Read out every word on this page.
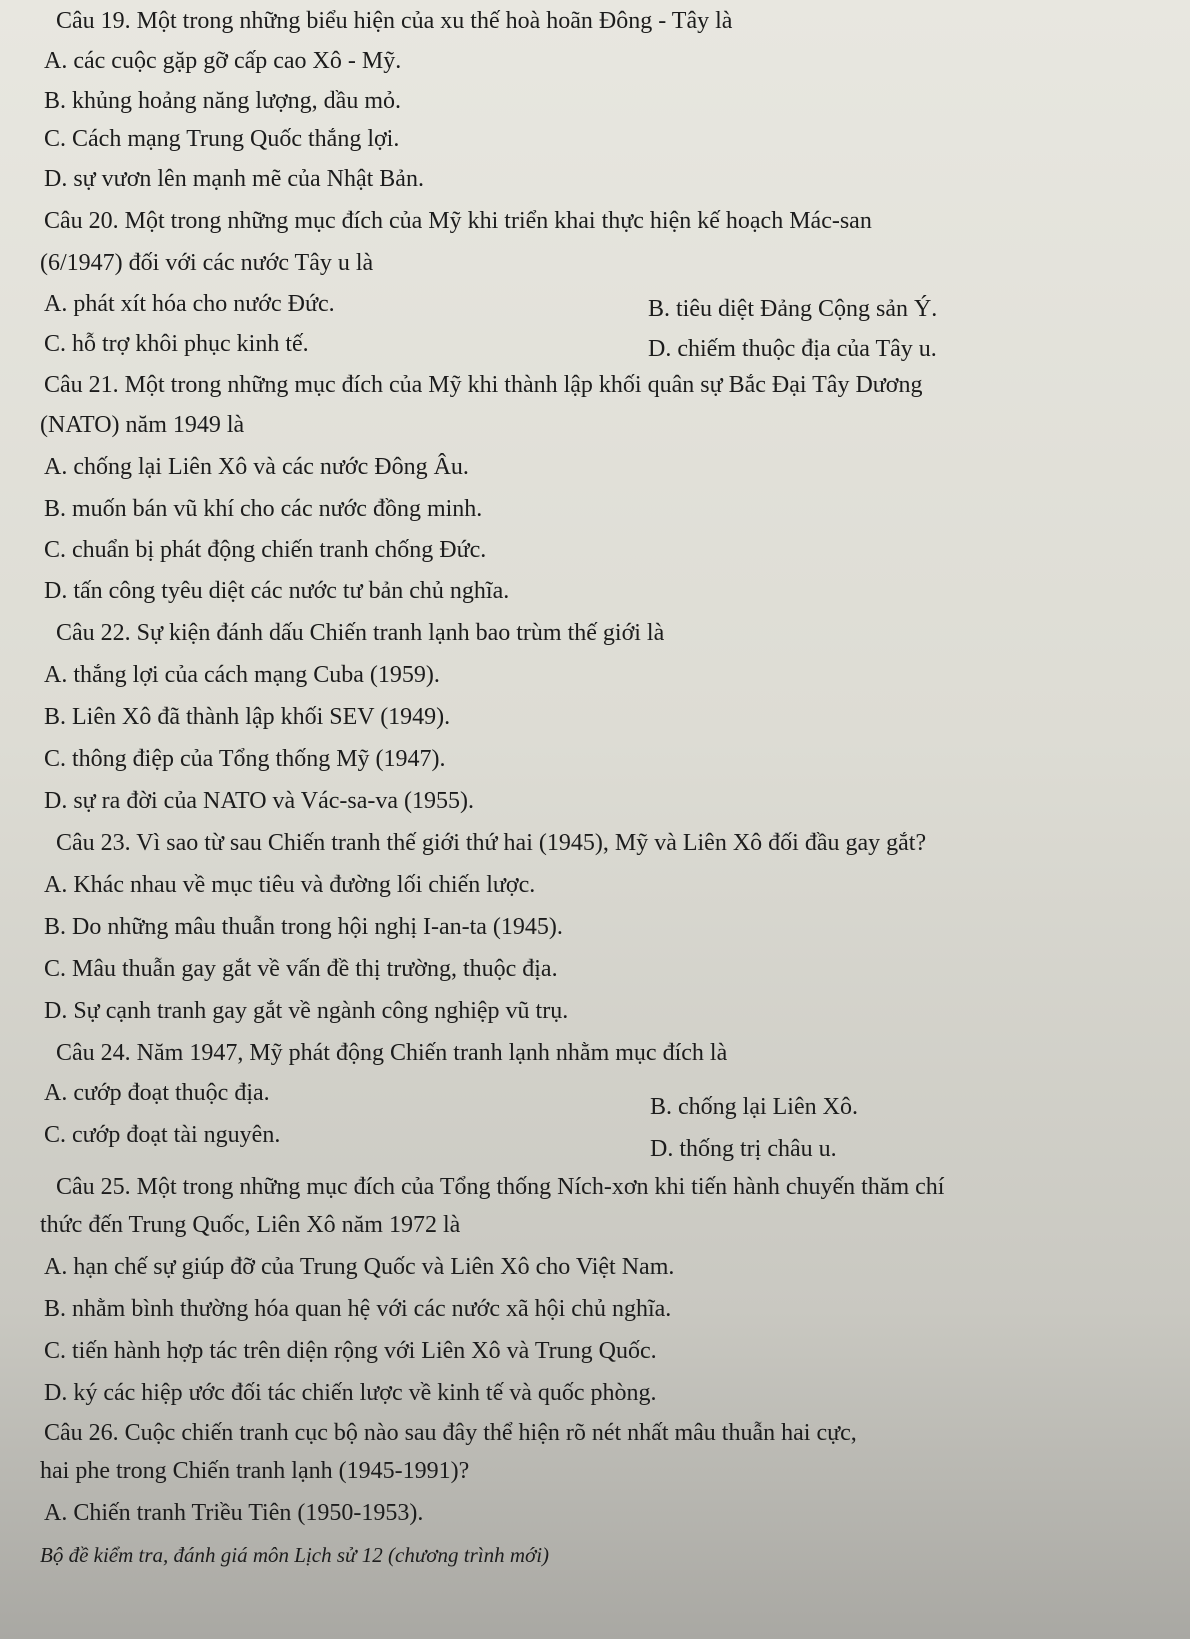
Câu 19. Một trong những biểu hiện của xu thế hoà hoãn Đông - Tây là
A. các cuộc gặp gỡ cấp cao Xô - Mỹ.
B. khủng hoảng năng lượng, dầu mỏ.
C. Cách mạng Trung Quốc thắng lợi.
D. sự vươn lên mạnh mẽ của Nhật Bản.
Câu 20. Một trong những mục đích của Mỹ khi triển khai thực hiện kế hoạch Mác-san
(6/1947) đối với các nước Tây u là
A. phát xít hóa cho nước Đức.	B. tiêu diệt Đảng Cộng sản Ý.
C. hỗ trợ khôi phục kinh tế.	D. chiếm thuộc địa của Tây u.
Câu 21. Một trong những mục đích của Mỹ khi thành lập khối quân sự Bắc Đại Tây Dương
(NATO) năm 1949 là
A. chống lại Liên Xô và các nước Đông Âu.
B. muốn bán vũ khí cho các nước đồng minh.
C. chuẩn bị phát động chiến tranh chống Đức.
D. tấn công tyêu diệt các nước tư bản chủ nghĩa.
Câu 22. Sự kiện đánh dấu Chiến tranh lạnh bao trùm thế giới là
A. thắng lợi của cách mạng Cuba (1959).
B. Liên Xô đã thành lập khối SEV (1949).
C. thông điệp của Tổng thống Mỹ (1947).
D. sự ra đời của NATO và Vác-sa-va (1955).
Câu 23. Vì sao từ sau Chiến tranh thế giới thứ hai (1945), Mỹ và Liên Xô đối đầu gay gắt?
A. Khác nhau về mục tiêu và đường lối chiến lược.
B. Do những mâu thuẫn trong hội nghị I-an-ta (1945).
C. Mâu thuẫn gay gắt về vấn đề thị trường, thuộc địa.
D. Sự cạnh tranh gay gắt về ngành công nghiệp vũ trụ.
Câu 24. Năm 1947, Mỹ phát động Chiến tranh lạnh nhằm mục đích là
A. cướp đoạt thuộc địa.
B. chống lại Liên Xô.
C. cướp đoạt tài nguyên.
D. thống trị châu u.
Câu 25. Một trong những mục đích của Tổng thống Ních-xơn khi tiến hành chuyến thăm chí
thức đến Trung Quốc, Liên Xô năm 1972 là
A. hạn chế sự giúp đỡ của Trung Quốc và Liên Xô cho Việt Nam.
B. nhằm bình thường hóa quan hệ với các nước xã hội chủ nghĩa.
C. tiến hành hợp tác trên diện rộng với Liên Xô và Trung Quốc.
D. ký các hiệp ước đối tác chiến lược về kinh tế và quốc phòng.
Câu 26. Cuộc chiến tranh cục bộ nào sau đây thể hiện rõ nét nhất mâu thuẫn hai cực,
hai phe trong Chiến tranh lạnh (1945-1991)?
A. Chiến tranh Triều Tiên (1950-1953).
Bộ đề kiểm tra, đánh giá môn Lịch sử 12 (chương trình mới)
